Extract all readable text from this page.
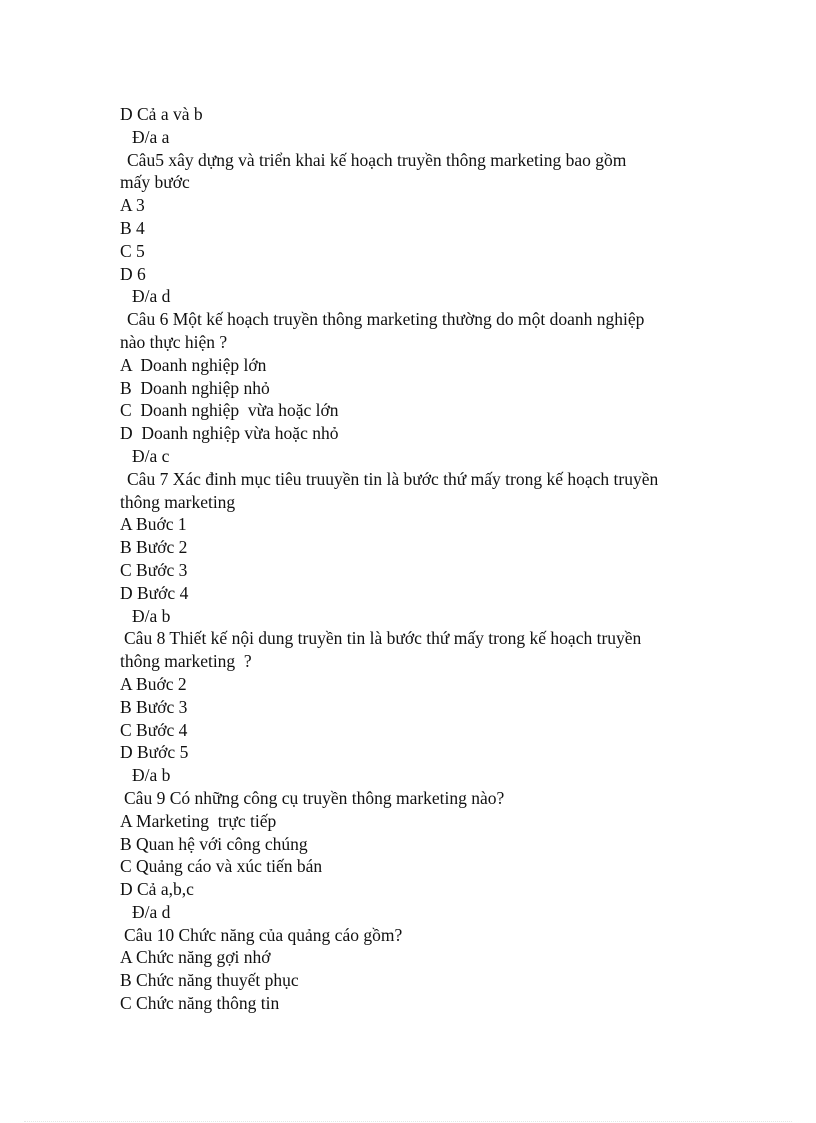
D Cả a và b
Đ/a a
Câu5 xây dựng và triển khai kế hoạch truyền thông marketing bao gồm
mấy bước
A 3
B 4
C 5
D 6
Đ/a d
Câu 6 Một kế hoạch truyền thông marketing thường do một doanh nghiệp
nào thực hiện ?
A  Doanh nghiệp lớn
B  Doanh nghiệp nhỏ
C  Doanh nghiệp  vừa hoặc lớn
D  Doanh nghiệp vừa hoặc nhỏ
Đ/a c
Câu 7 Xác đinh mục tiêu truuyền tin là bước thứ mấy trong kế hoạch truyền
thông marketing
A Buớc 1
B Bước 2
C Bước 3
D Bước 4
Đ/a b
Câu 8 Thiết kế nội dung truyền tin là bước thứ mấy trong kế hoạch truyền
thông marketing  ?
A Buớc 2
B Bước 3
C Bước 4
D Bước 5
Đ/a b
Câu 9 Có những công cụ truyền thông marketing nào?
A Marketing  trực tiếp
B Quan hệ với công chúng
C Quảng cáo và xúc tiến bán
D Cả a,b,c
Đ/a d
Câu 10 Chức năng của quảng cáo gồm?
A Chức năng gợi nhớ
B Chức năng thuyết phục
C Chức năng thông tin
